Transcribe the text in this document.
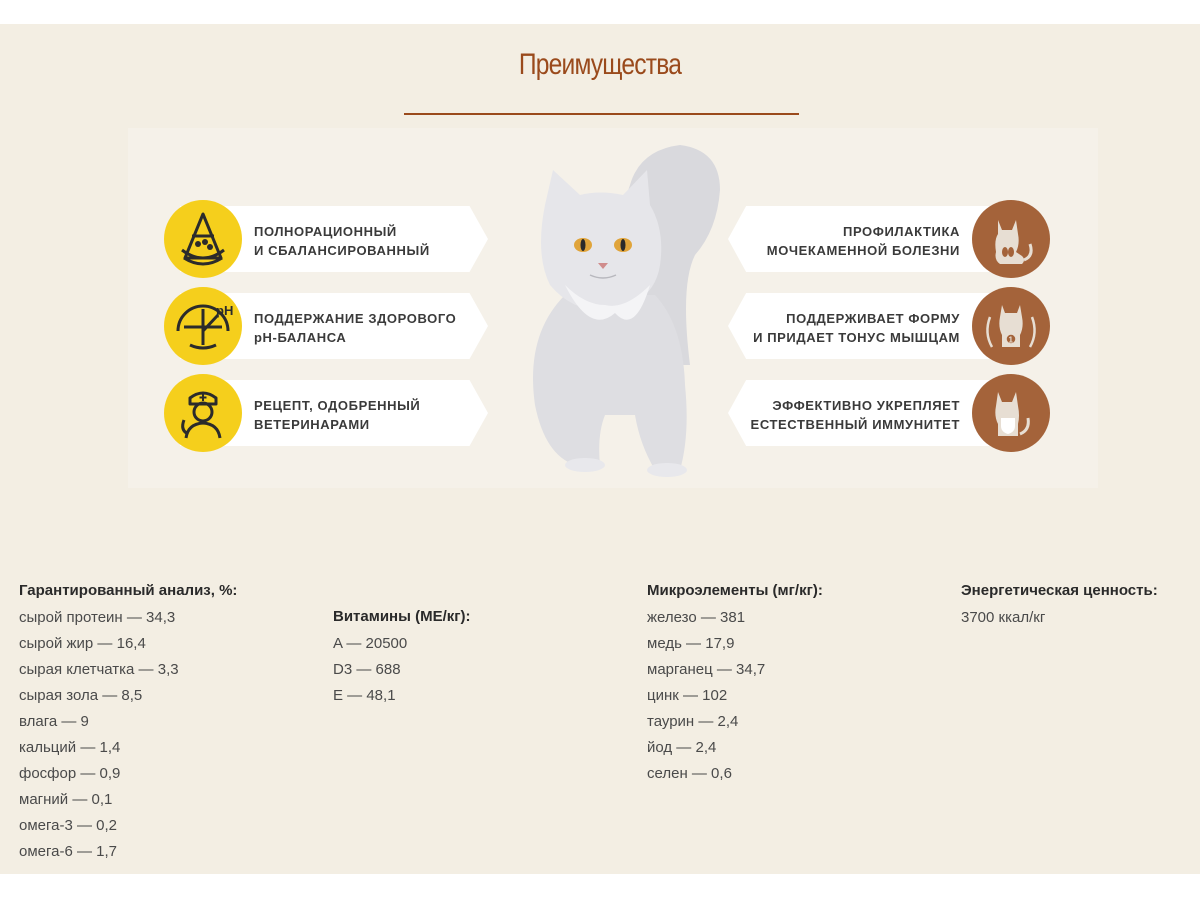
Преимущества
ПОЛНОРАЦИОННЫЙ
И СБАЛАНСИРОВАННЫЙ
ПОДДЕРЖАНИЕ ЗДОРОВОГО
pH-БАЛАНСА
РЕЦЕПТ, ОДОБРЕННЫЙ
ВЕТЕРИНАРАМИ
pH
ПРОФИЛАКТИКА
МОЧЕКАМЕННОЙ БОЛЕЗНИ
ПОДДЕРЖИВАЕТ ФОРМУ
И ПРИДАЕТ ТОНУС МЫШЦАМ
ЭФФЕКТИВНО УКРЕПЛЯЕТ
ЕСТЕСТВЕННЫЙ ИММУНИТЕТ
1
Гарантированный анализ, %:
сырой протеин — 34,3
сырой жир — 16,4
сырая клетчатка — 3,3
сырая зола — 8,5
влага — 9
кальций — 1,4
фосфор — 0,9
магний — 0,1
омега-3 — 0,2
омега-6 — 1,7
Витамины (МЕ/кг):
A — 20500
D3 — 688
E — 48,1
Микроэлементы (мг/кг):
железо — 381
медь — 17,9
марганец — 34,7
цинк — 102
таурин — 2,4
йод — 2,4
селен — 0,6
Энергетическая ценность:
3700 ккал/кг
